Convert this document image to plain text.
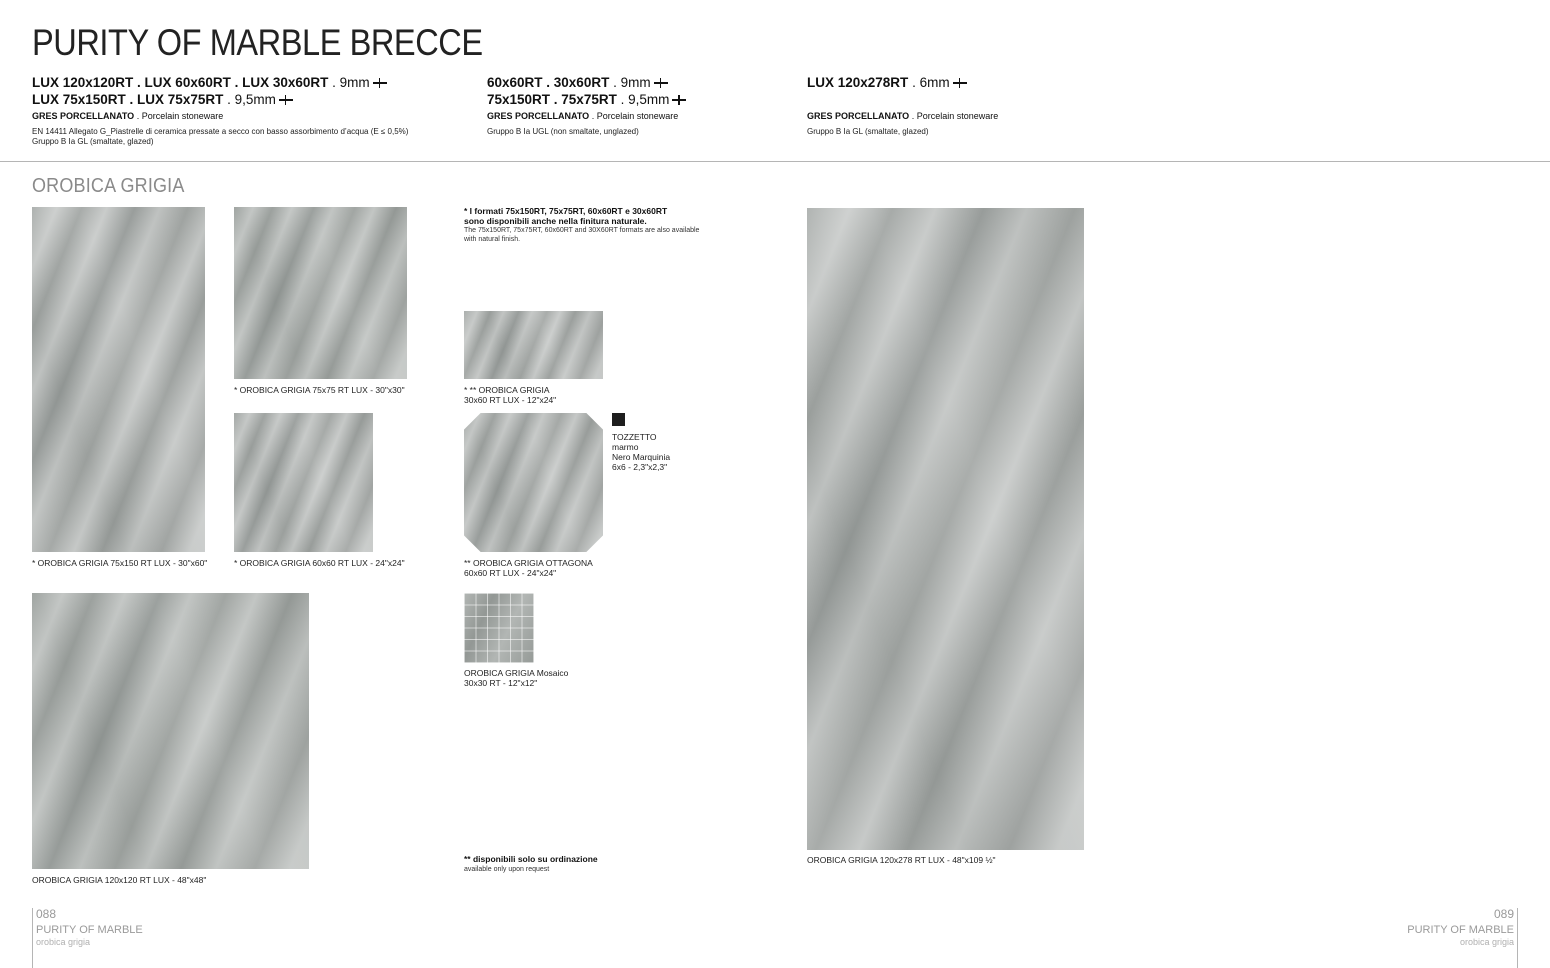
PURITY OF MARBLE BRECCE
LUX 120x120RT . LUX 60x60RT . LUX 30x60RT . 9mm
LUX 75x150RT . LUX 75x75RT . 9,5mm
GRES PORCELLANATO . Porcelain stoneware
EN 14411 Allegato G_Piastrelle di ceramica pressate a secco con basso assorbimento d’acqua (E ≤ 0,5%)
Gruppo B Ia GL (smaltate, glazed)
60x60RT . 30x60RT . 9mm
75x150RT . 75x75RT . 9,5mm
GRES PORCELLANATO . Porcelain stoneware
Gruppo B Ia UGL (non smaltate, unglazed)
LUX 120x278RT . 6mm
GRES PORCELLANATO . Porcelain stoneware
Gruppo B Ia GL (smaltate, glazed)
OROBICA GRIGIA
* OROBICA GRIGIA 75x150 RT LUX - 30"x60"
OROBICA GRIGIA 120x120 RT LUX - 48"x48"
* OROBICA GRIGIA 75x75 RT LUX - 30"x30"
* OROBICA GRIGIA 60x60 RT LUX - 24"x24"
* I formati 75x150RT, 75x75RT, 60x60RT e 30x60RT
sono disponibili anche nella finitura naturale.
The 75x150RT, 75x75RT, 60x60RT and 30X60RT formats are also available
with natural finish.
* ** OROBICA GRIGIA
30x60 RT LUX - 12"x24"
** OROBICA GRIGIA OTTAGONA
60x60 RT LUX - 24"x24"
TOZZETTO
marmo
Nero Marquinia
6x6 - 2,3"x2,3"
OROBICA GRIGIA Mosaico
30x30 RT - 12"x12"
** disponibili solo su ordinazione
available only upon request
OROBICA GRIGIA 120x278 RT LUX - 48"x109 ½"
088
PURITY OF MARBLE
orobica grigia
089
PURITY OF MARBLE
orobica grigia
